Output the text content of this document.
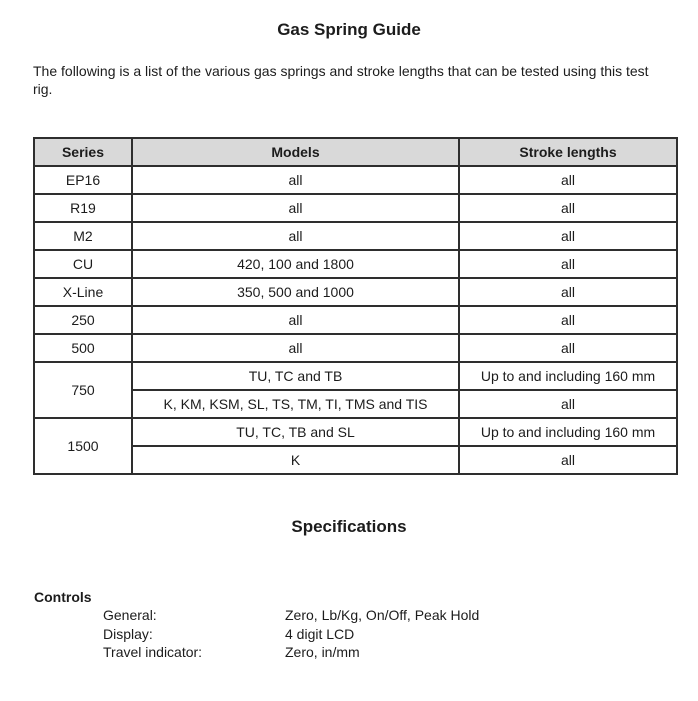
Gas Spring Guide

The following is a list of the various gas springs and stroke lengths that can be tested using this test rig.

Series	Models	Stroke lengths
EP16	all	all
R19	all	all
M2	all	all
CU	420, 100 and 1800	all
X-Line	350, 500 and 1000	all
250	all	all
500	all	all
750	TU, TC and TB	Up to and including 160 mm
	K, KM, KSM, SL, TS, TM, TI, TMS and TIS	all
1500	TU, TC, TB and SL	Up to and including 160 mm
	K	all
Specifications
Controls
General:	Zero, Lb/Kg, On/Off, Peak Hold
Display:	4 digit LCD
Travel indicator:	Zero, in/mm
